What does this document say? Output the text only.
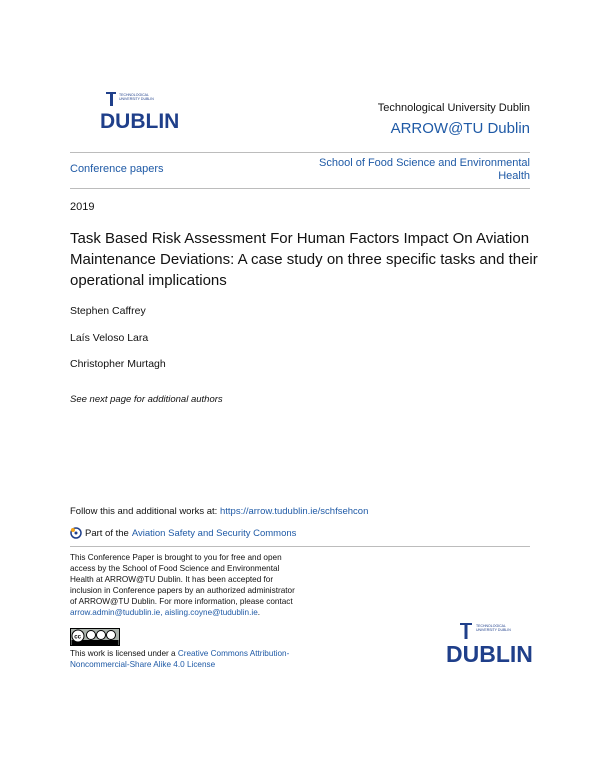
DUBLIN
TECHNOLOGICAL
UNIVERSITY DUBLIN
Technological University Dublin
ARROW@TU Dublin
Conference papers	School of Food Science and Environmental Health
2019
Task Based Risk Assessment For Human Factors Impact On Aviation Maintenance Deviations: A case study on three specific tasks and their operational implications
Stephen Caffrey
Laís Veloso Lara
Christopher Murtagh
See next page for additional authors
Follow this and additional works at: https://arrow.tudublin.ie/schfsehcon
Part of the Aviation Safety and Security Commons
This Conference Paper is brought to you for free and open access by the School of Food Science and Environmental Health at ARROW@TU Dublin. It has been accepted for inclusion in Conference papers by an authorized administrator of ARROW@TU Dublin. For more information, please contact arrow.admin@tudublin.ie, aisling.coyne@tudublin.ie.
cc
This work is licensed under a Creative Commons Attribution-Noncommercial-Share Alike 4.0 License	DUBLIN
TECHNOLOGICAL
UNIVERSITY DUBLIN
